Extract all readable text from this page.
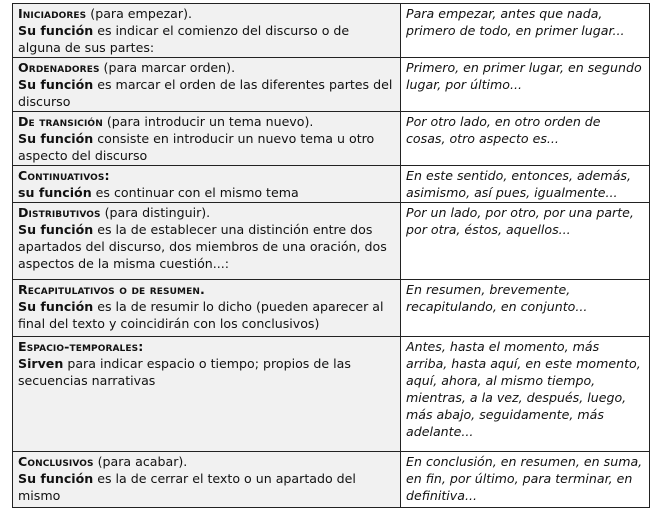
Iniciadores (para empezar).
Su función es indicar el comienzo del discurso o de alguna de sus partes:	Para empezar, antes que nada, primero de todo, en primer lugar...
Ordenadores (para marcar orden).
Su función es marcar el orden de las diferentes partes del discurso	Primero, en primer lugar, en segundo lugar, por último...
De transición (para introducir un tema nuevo).
Su función consiste en introducir un nuevo tema u otro aspecto del discurso	Por otro lado, en otro orden de cosas, otro aspecto es...
Continuativos:
su función es continuar con el mismo tema	En este sentido, entonces, además, asimismo, así pues, igualmente...
Distributivos (para distinguir).
Su función es la de establecer una distinción entre dos apartados del discurso, dos miembros de una oración, dos aspectos de la misma cuestión...:	Por un lado, por otro, por una parte, por otra, éstos, aquellos...
Recapitulativos o de resumen.
Su función es la de resumir lo dicho (pueden aparecer al final del texto y coincidirán con los conclusivos)	En resumen, brevemente, recapitulando, en conjunto...
Espacio-temporales:
Sirven para indicar espacio o tiempo; propios de las secuencias narrativas	Antes, hasta el momento, más arriba, hasta aquí, en este momento, aquí, ahora, al mismo tiempo, mientras, a la vez, después, luego, más abajo, seguidamente, más adelante...
Conclusivos (para acabar).
Su función es la de cerrar el texto o un apartado del mismo	En conclusión, en resumen, en suma, en fin, por último, para terminar, en definitiva...
